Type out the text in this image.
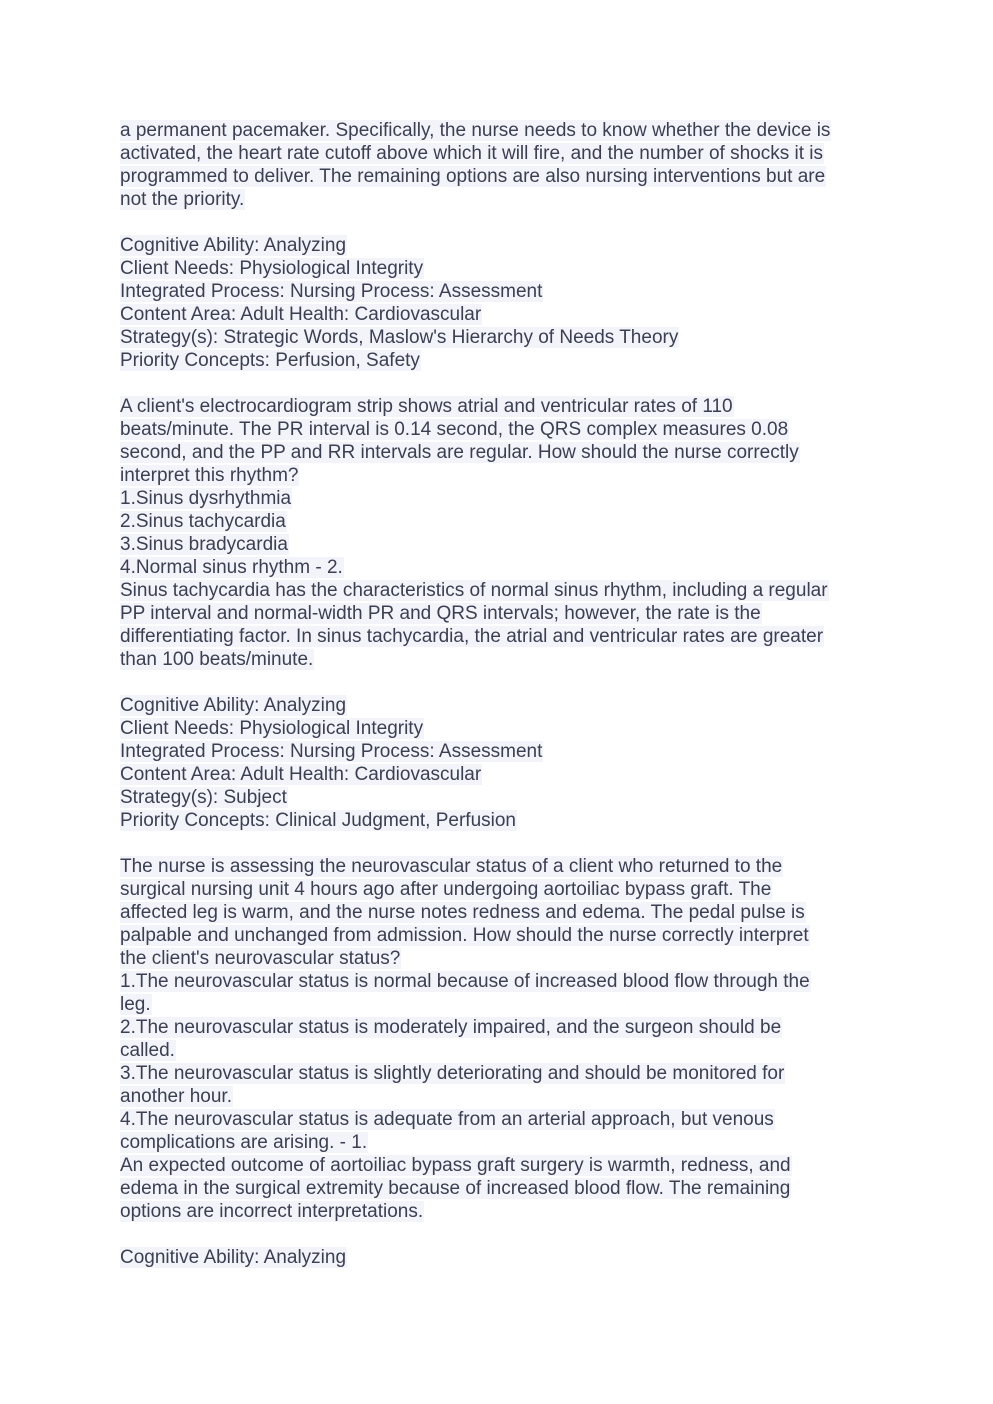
a permanent pacemaker. Specifically, the nurse needs to know whether the device is
activated, the heart rate cutoff above which it will fire, and the number of shocks it is
programmed to deliver. The remaining options are also nursing interventions but are
not the priority.
Cognitive Ability: Analyzing
Client Needs: Physiological Integrity
Integrated Process: Nursing Process: Assessment
Content Area: Adult Health: Cardiovascular
Strategy(s): Strategic Words, Maslow's Hierarchy of Needs Theory
Priority Concepts: Perfusion, Safety
A client's electrocardiogram strip shows atrial and ventricular rates of 110
beats/minute. The PR interval is 0.14 second, the QRS complex measures 0.08
second, and the PP and RR intervals are regular. How should the nurse correctly
interpret this rhythm?
1.Sinus dysrhythmia
2.Sinus tachycardia
3.Sinus bradycardia
4.Normal sinus rhythm - 2.
Sinus tachycardia has the characteristics of normal sinus rhythm, including a regular
PP interval and normal-width PR and QRS intervals; however, the rate is the
differentiating factor. In sinus tachycardia, the atrial and ventricular rates are greater
than 100 beats/minute.
Cognitive Ability: Analyzing
Client Needs: Physiological Integrity
Integrated Process: Nursing Process: Assessment
Content Area: Adult Health: Cardiovascular
Strategy(s): Subject
Priority Concepts: Clinical Judgment, Perfusion
The nurse is assessing the neurovascular status of a client who returned to the
surgical nursing unit 4 hours ago after undergoing aortoiliac bypass graft. The
affected leg is warm, and the nurse notes redness and edema. The pedal pulse is
palpable and unchanged from admission. How should the nurse correctly interpret
the client's neurovascular status?
1.The neurovascular status is normal because of increased blood flow through the
leg.
2.The neurovascular status is moderately impaired, and the surgeon should be
called.
3.The neurovascular status is slightly deteriorating and should be monitored for
another hour.
4.The neurovascular status is adequate from an arterial approach, but venous
complications are arising. - 1.
An expected outcome of aortoiliac bypass graft surgery is warmth, redness, and
edema in the surgical extremity because of increased blood flow. The remaining
options are incorrect interpretations.
Cognitive Ability: Analyzing
